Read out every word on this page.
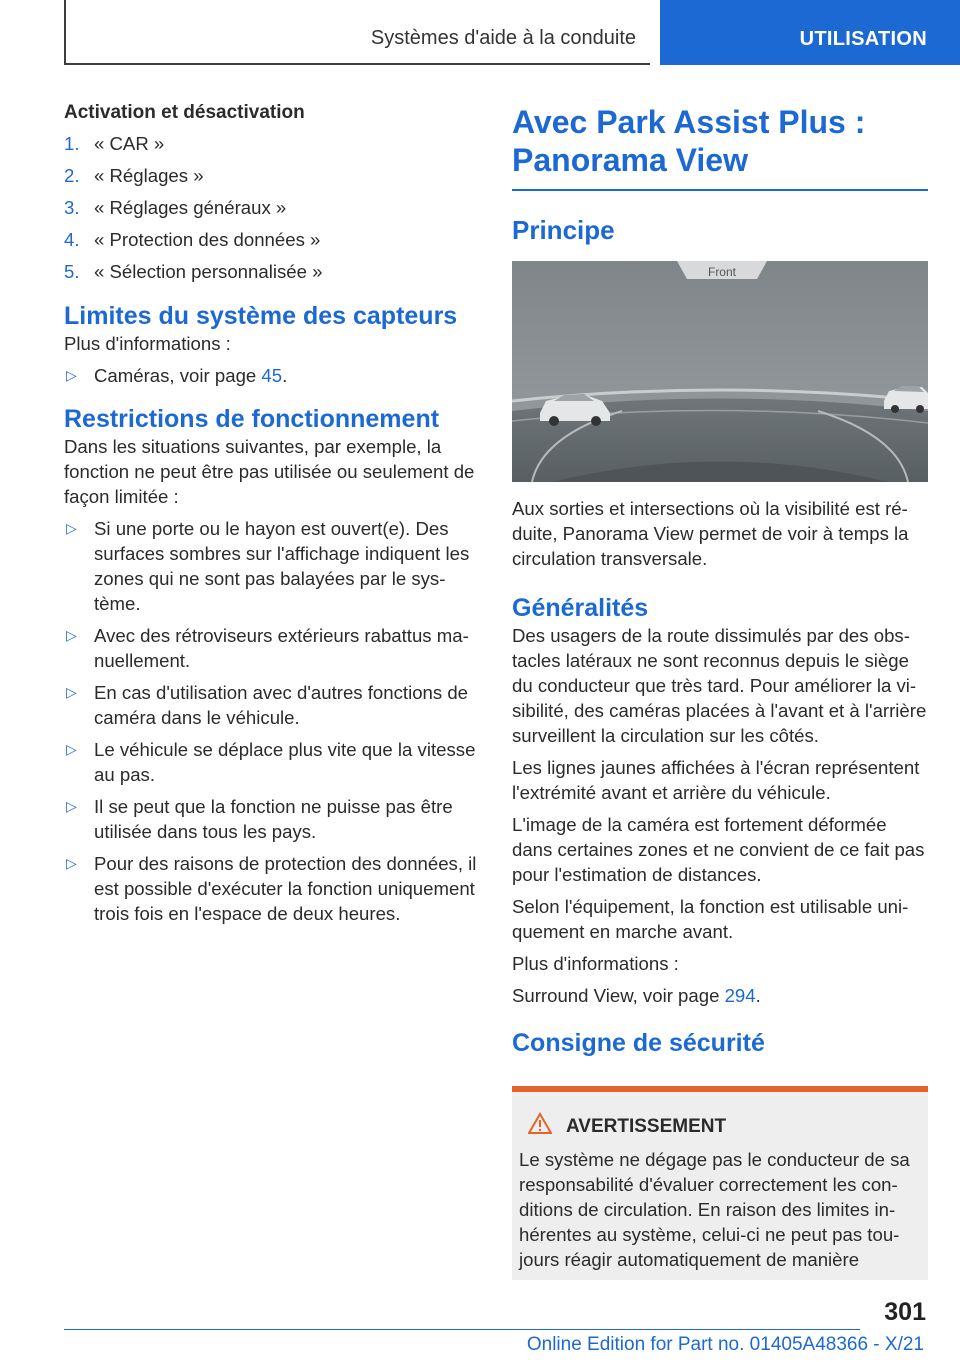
Systèmes d'aide à la conduite	UTILISATION
Activation et désactivation
1. « CAR »
2. « Réglages »
3. « Réglages généraux »
4. « Protection des données »
5. « Sélection personnalisée »
Limites du système des capteurs

Plus d'informations :

▷ Caméras, voir page 45.
Restrictions de fonctionnement

Dans les situations suivantes, par exemple, la fonction ne peut être pas utilisée ou seulement de façon limitée :

▷ Si une porte ou le hayon est ouvert(e). Des surfaces sombres sur l'affichage indiquent les zones qui ne sont pas balayées par le système.
▷ Avec des rétroviseurs extérieurs rabattus manuellement.
▷ En cas d'utilisation avec d'autres fonctions de caméra dans le véhicule.
▷ Le véhicule se déplace plus vite que la vitesse au pas.
▷ Il se peut que la fonction ne puisse pas être utilisée dans tous les pays.
▷ Pour des raisons de protection des données, il est possible d'exécuter la fonction uniquement trois fois en l'espace de deux heures.
Avec Park Assist Plus : Panorama View
Principe
Front

Aux sorties et intersections où la visibilité est réduite, Panorama View permet de voir à temps la circulation transversale.

Généralités

Des usagers de la route dissimulés par des obstacles latéraux ne sont reconnus depuis le siège du conducteur que très tard. Pour améliorer la visibilité, des caméras placées à l'avant et à l'arrière surveillent la circulation sur les côtés.

Les lignes jaunes affichées à l'écran représentent l'extrémité avant et arrière du véhicule.

L'image de la caméra est fortement déformée dans certaines zones et ne convient de ce fait pas pour l'estimation de distances.

Selon l'équipement, la fonction est utilisable uniquement en marche avant.

Plus d'informations :

Surround View, voir page 294.

Consigne de sécurité
AVERTISSEMENT
Le système ne dégage pas le conducteur de sa responsabilité d'évaluer correctement les conditions de circulation. En raison des limites inhérentes au système, celui-ci ne peut pas toujours réagir automatiquement de manière
301
Online Edition for Part no. 01405A48366 - X/21
